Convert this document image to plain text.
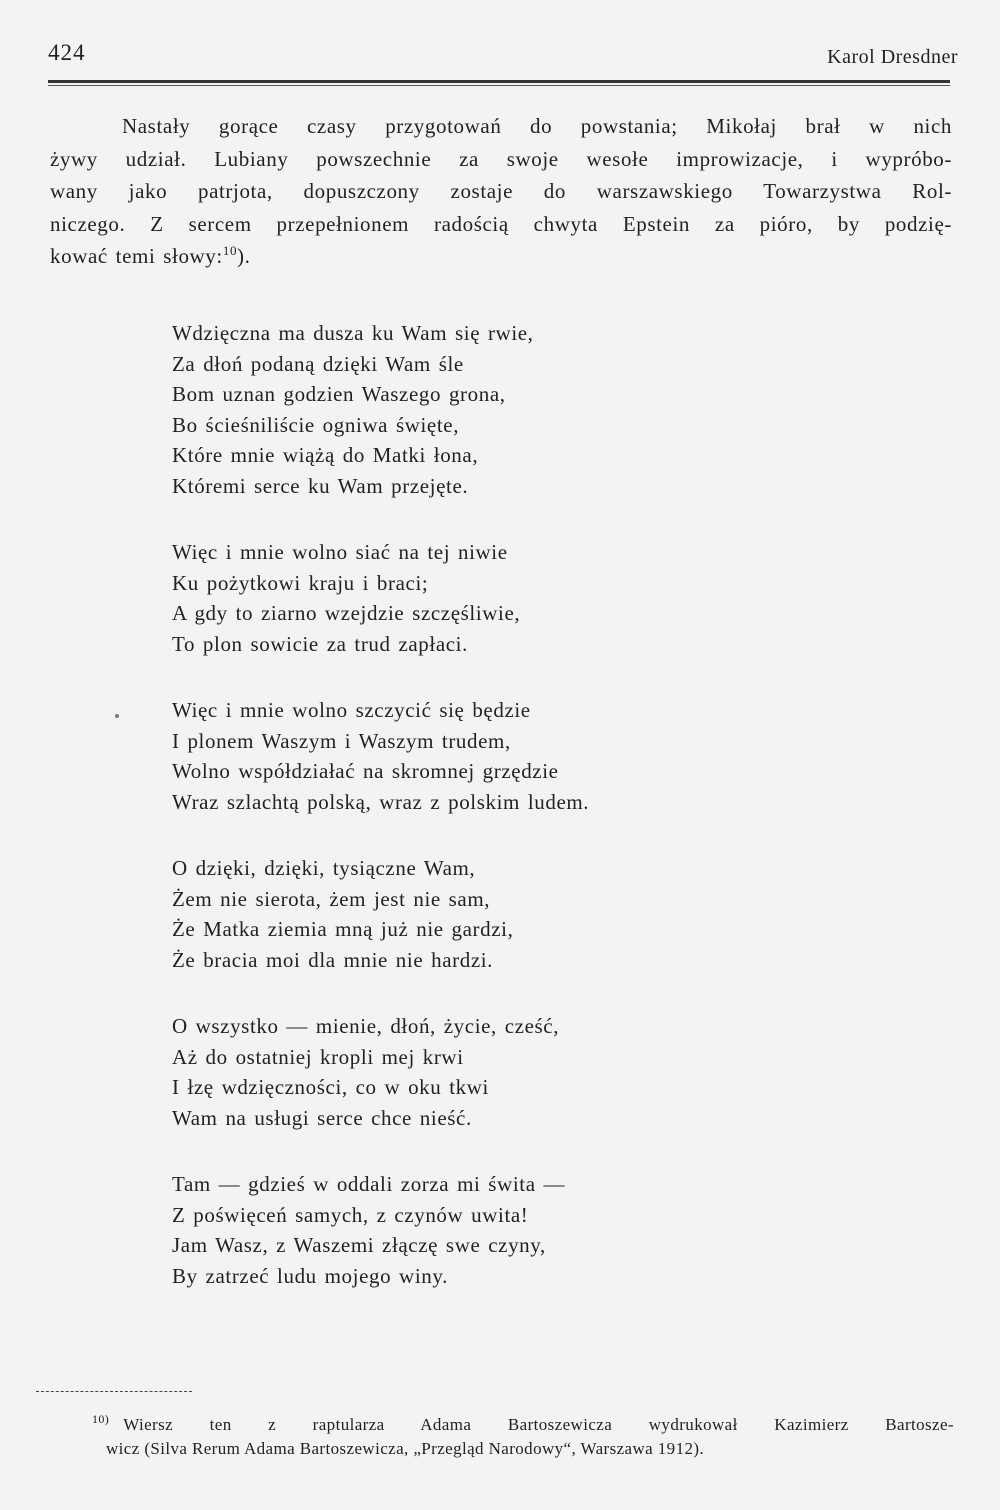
424	Karol Dresdner

Nastały gorące czasy przygotowań do powstania; Mikołaj brał w nich
żywy udział. Lubiany powszechnie za swoje wesołe improwizacje, i wypróbo-
wany jako patrjota, dopuszczony zostaje do warszawskiego Towarzystwa Rol-
niczego. Z sercem przepełnionem radością chwyta Epstein za pióro, by podzię-
kować temi słowy:$^{10}$).

Wdzięczna ma dusza ku Wam się rwie,
Za dłoń podaną dzięki Wam śle
Bom uznan godzien Waszego grona,
Bo ścieśniliście ogniwa święte,
Które mnie wiążą do Matki łona,
Któremi serce ku Wam przejęte.
Więc i mnie wolno siać na tej niwie
Ku pożytkowi kraju i braci;
A gdy to ziarno wzejdzie szczęśliwie,
To plon sowicie za trud zapłaci.
Więc i mnie wolno szczycić się będzie
I plonem Waszym i Waszym trudem,
Wolno współdziałać na skromnej grzędzie
Wraz szlachtą polską, wraz z polskim ludem.
O dzięki, dzięki, tysiączne Wam,
Żem nie sierota, żem jest nie sam,
Że Matka ziemia mną już nie gardzi,
Że bracia moi dla mnie nie hardzi.
O wszystko — mienie, dłoń, życie, cześć,
Aż do ostatniej kropli mej krwi
I łzę wdzięczności, co w oku tkwi
Wam na usługi serce chce nieść.
Tam — gdzieś w oddali zorza mi świta —
Z poświęceń samych, z czynów uwita!
Jam Wasz, z Waszemi złączę swe czyny,
By zatrzeć ludu mojego winy.
$^{10)}$ Wiersz ten z raptularza Adama Bartoszewicza wydrukował Kazimierz Bartosze-
wicz (Silva Rerum Adama Bartoszewicza, „Przegląd Narodowy“, Warszawa 1912).
